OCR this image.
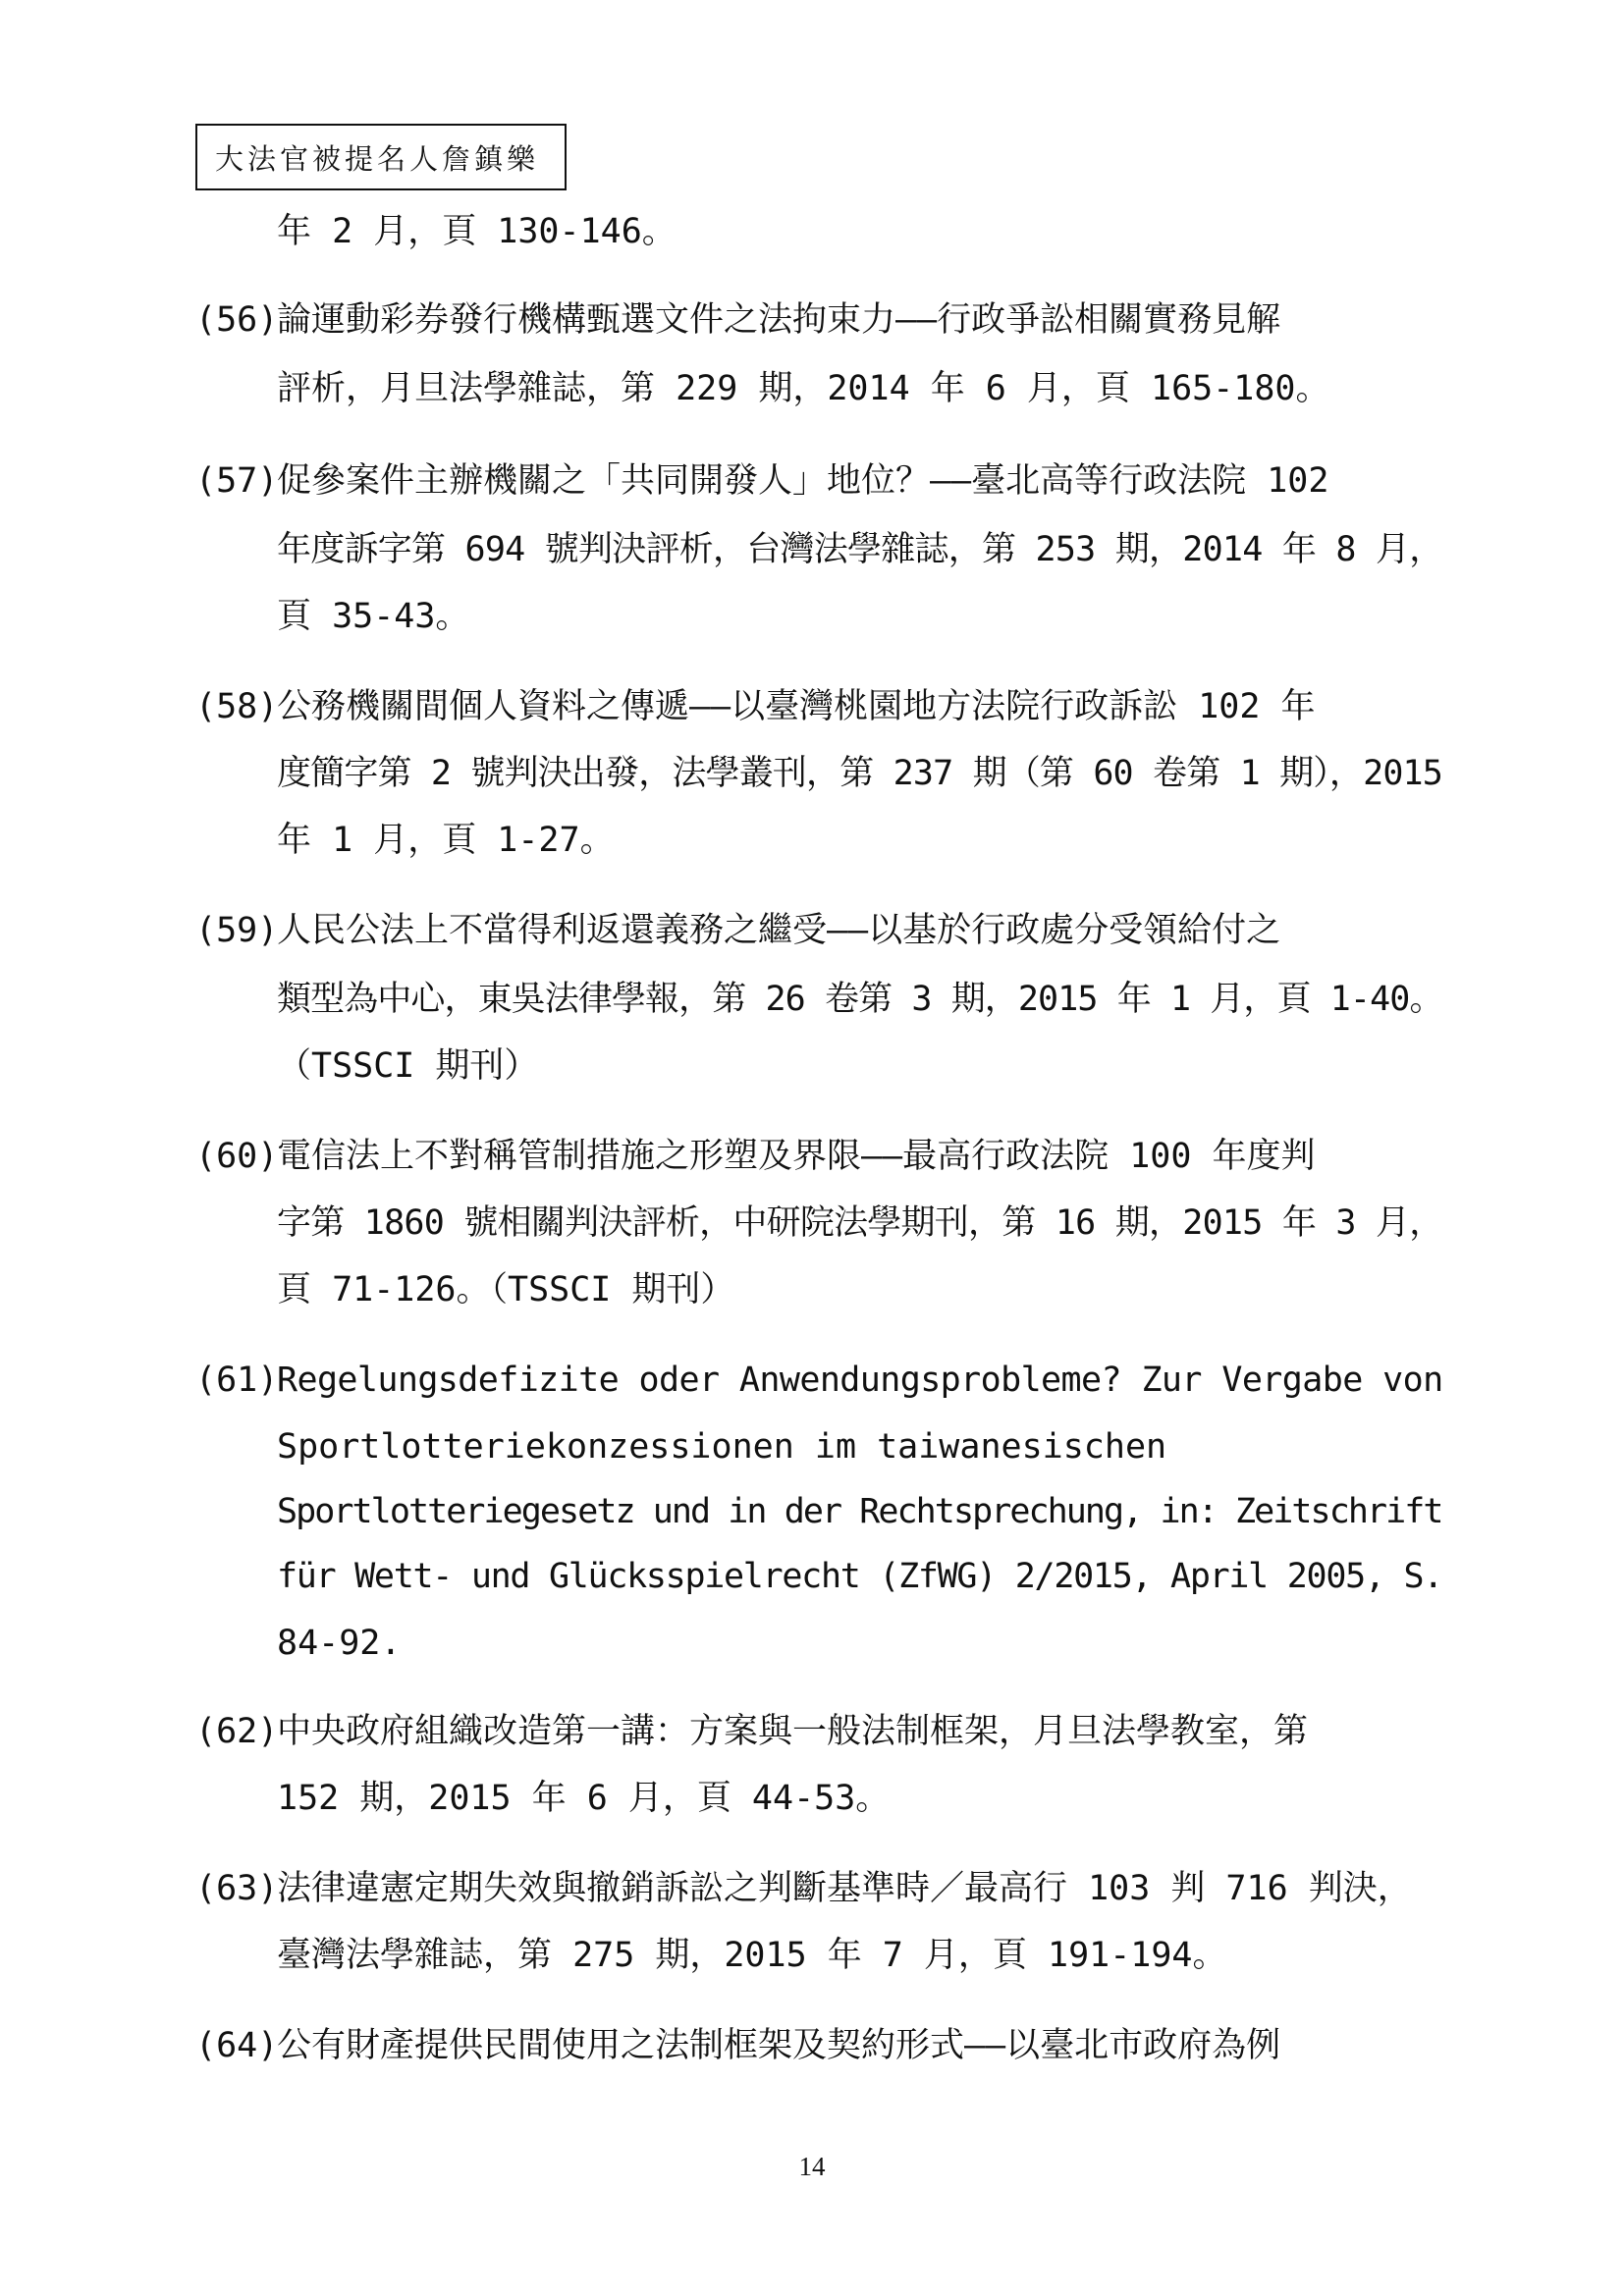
大法官被提名人詹鎮樂
年 2 月，頁 130-146。
(56)
論運動彩券發行機構甄選文件之法拘束力——行政爭訟相關實務見解
評析，月旦法學雜誌，第 229 期，2014 年 6 月，頁 165-180。
(57)
促參案件主辦機關之「共同開發人」地位？——臺北高等行政法院 102
年度訴字第 694 號判決評析，台灣法學雜誌，第 253 期，2014 年 8 月，
頁 35-43。
(58)
公務機關間個人資料之傳遞——以臺灣桃園地方法院行政訴訟 102 年
度簡字第 2 號判決出發，法學叢刊，第 237 期（第 60 卷第 1 期），2015
年 1 月，頁 1-27。
(59)
人民公法上不當得利返還義務之繼受——以基於行政處分受領給付之
類型為中心，東吳法律學報，第 26 卷第 3 期，2015 年 1 月，頁 1-40。
（TSSCI 期刊）
(60)
電信法上不對稱管制措施之形塑及界限——最高行政法院 100 年度判
字第 1860 號相關判決評析，中研院法學期刊，第 16 期，2015 年 3 月，
頁 71-126。（TSSCI 期刊）
(61)
Regelungsdefizite oder Anwendungsprobleme? Zur Vergabe von
Sportlotteriekonzessionen im taiwanesischen
Sportlotteriegesetz und in der Rechtsprechung, in: Zeitschrift
für Wett- und Glücksspielrecht (ZfWG) 2/2015, April 2005, S.
84-92.
(62)
中央政府組織改造第一講：方案與一般法制框架，月旦法學教室，第
152 期，2015 年 6 月，頁 44-53。
(63)
法律違憲定期失效與撤銷訴訟之判斷基準時／最高行 103 判 716 判決，
臺灣法學雜誌，第 275 期，2015 年 7 月，頁 191-194。
(64)
公有財產提供民間使用之法制框架及契約形式——以臺北市政府為例
14
